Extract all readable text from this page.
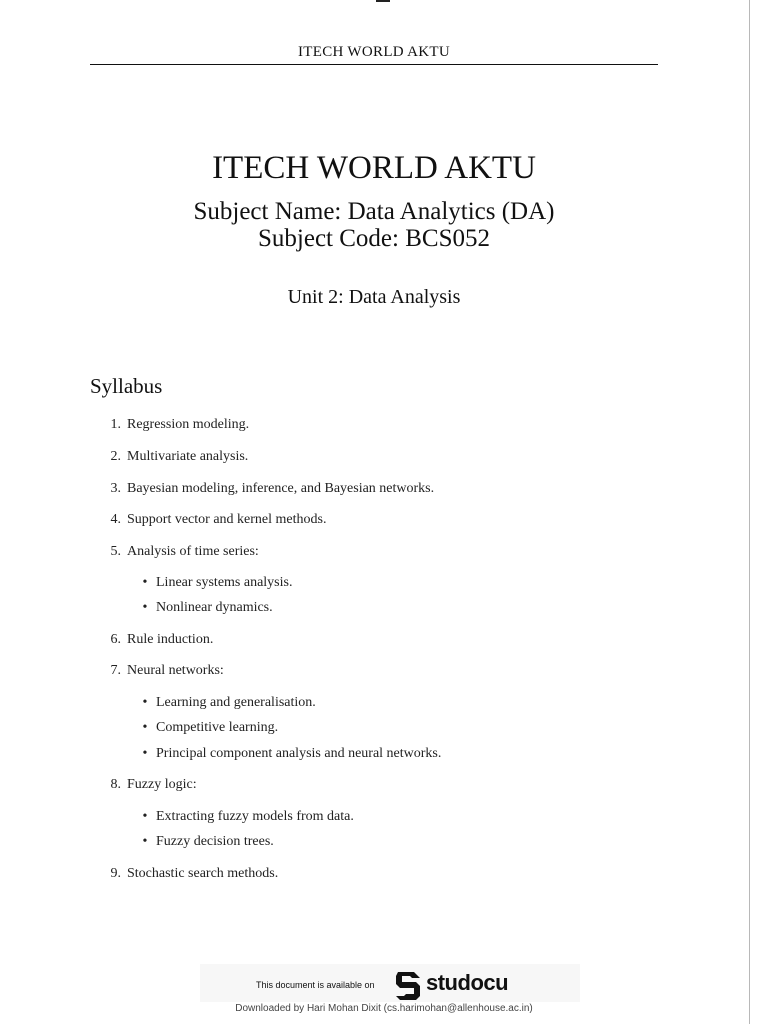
ITECH WORLD AKTU
ITECH WORLD AKTU
Subject Name: Data Analytics (DA)
Subject Code: BCS052
Unit 2: Data Analysis
Syllabus
1. Regression modeling.
2. Multivariate analysis.
3. Bayesian modeling, inference, and Bayesian networks.
4. Support vector and kernel methods.
5. Analysis of time series:
• Linear systems analysis.
• Nonlinear dynamics.
6. Rule induction.
7. Neural networks:
• Learning and generalisation.
• Competitive learning.
• Principal component analysis and neural networks.
8. Fuzzy logic:
• Extracting fuzzy models from data.
• Fuzzy decision trees.
9. Stochastic search methods.
This document is available on studocu
Downloaded by Hari Mohan Dixit (cs.harimohan@allenhouse.ac.in)
